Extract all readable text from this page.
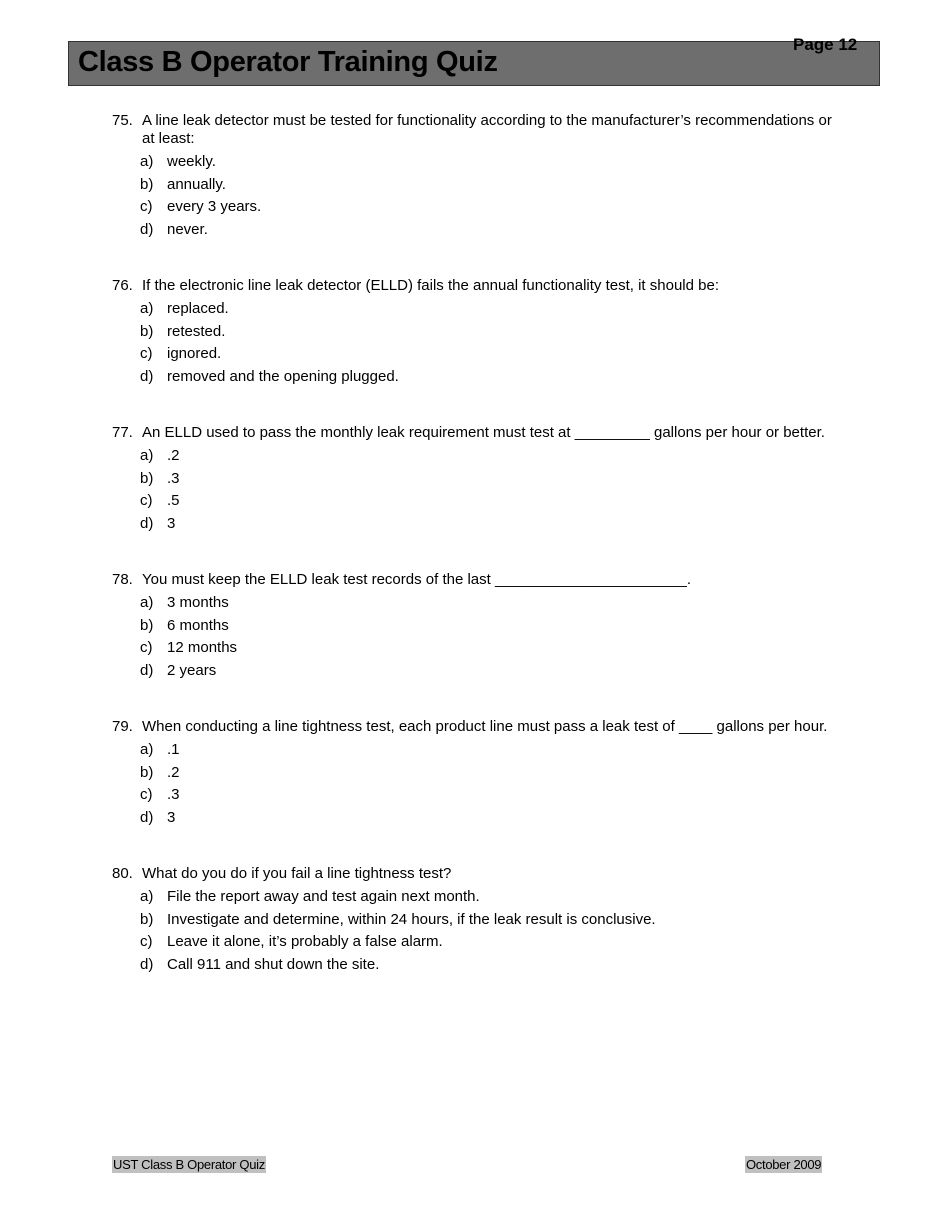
Class B Operator Training Quiz
Page 12
75. A line leak detector must be tested for functionality according to the manufacturer’s recommendations or at least:
a) weekly.
b) annually.
c) every 3 years.
d) never.
76. If the electronic line leak detector (ELLD) fails the annual functionality test, it should be:
a) replaced.
b) retested.
c) ignored.
d) removed and the opening plugged.
77. An ELLD used to pass the monthly leak requirement must test at _________ gallons per hour or better.
a) .2
b) .3
c) .5
d) 3
78. You must keep the ELLD leak test records of the last _______________________.
a) 3 months
b) 6 months
c) 12 months
d) 2 years
79. When conducting a line tightness test, each product line must pass a leak test of ____ gallons per hour.
a) .1
b) .2
c) .3
d) 3
80. What do you do if you fail a line tightness test?
a) File the report away and test again next month.
b) Investigate and determine, within 24 hours, if the leak result is conclusive.
c) Leave it alone, it’s probably a false alarm.
d) Call 911 and shut down the site.
UST Class B Operator Quiz	October 2009
